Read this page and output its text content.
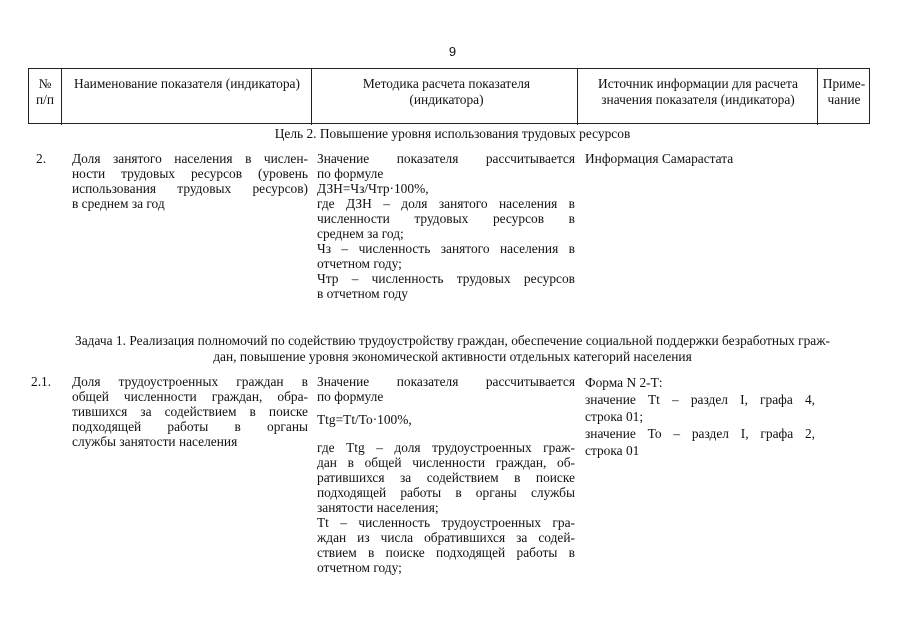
9
№
п/п
Наименование показателя (индикатора)	Методика расчета показателя (индикатора)
Источник информации для расчета значения показателя (индикатора)
Приме-
чание
Цель 2. Повышение уровня использования трудовых ресурсов
2. Доля занятого населения в числен-

ности трудовых ресурсов (уровень

использования трудовых ресурсов)

в среднем за год

Значение показателя рассчитывается

по формуле

ДЗН=Чз/Чтр·100%,

где ДЗН – доля занятого населения в

численности трудовых ресурсов в

среднем за год;

Чз – численность занятого населения в

отчетном году;

Чтр – численность трудовых ресурсов

в отчетном году

Информация Самарастата

Задача 1. Реализация полномочий по содействию трудоустройству граждан, обеспечение социальной поддержки безработных граж-

дан, повышение уровня экономической активности отдельных категорий населения

2.1. Доля трудоустроенных граждан в

общей численности граждан, обра-

тившихся за содействием в поиске

подходящей работы в органы

службы занятости населения

Значение показателя рассчитывается

по формуле

Ttg=Tt/To·100%,

где Ttg – доля трудоустроенных граж-

дан в общей численности граждан, об-

ратившихся за содействием в поиске

подходящей работы в органы службы

занятости населения;

Tt – численность трудоустроенных гра-

ждан из числа обратившихся за содей-

ствием в поиске подходящей работы в

отчетном году;

Форма N 2-Т:

значение Tt – раздел I, графа 4,

строка 01;

значение To – раздел I, графа 2,

строка 01
